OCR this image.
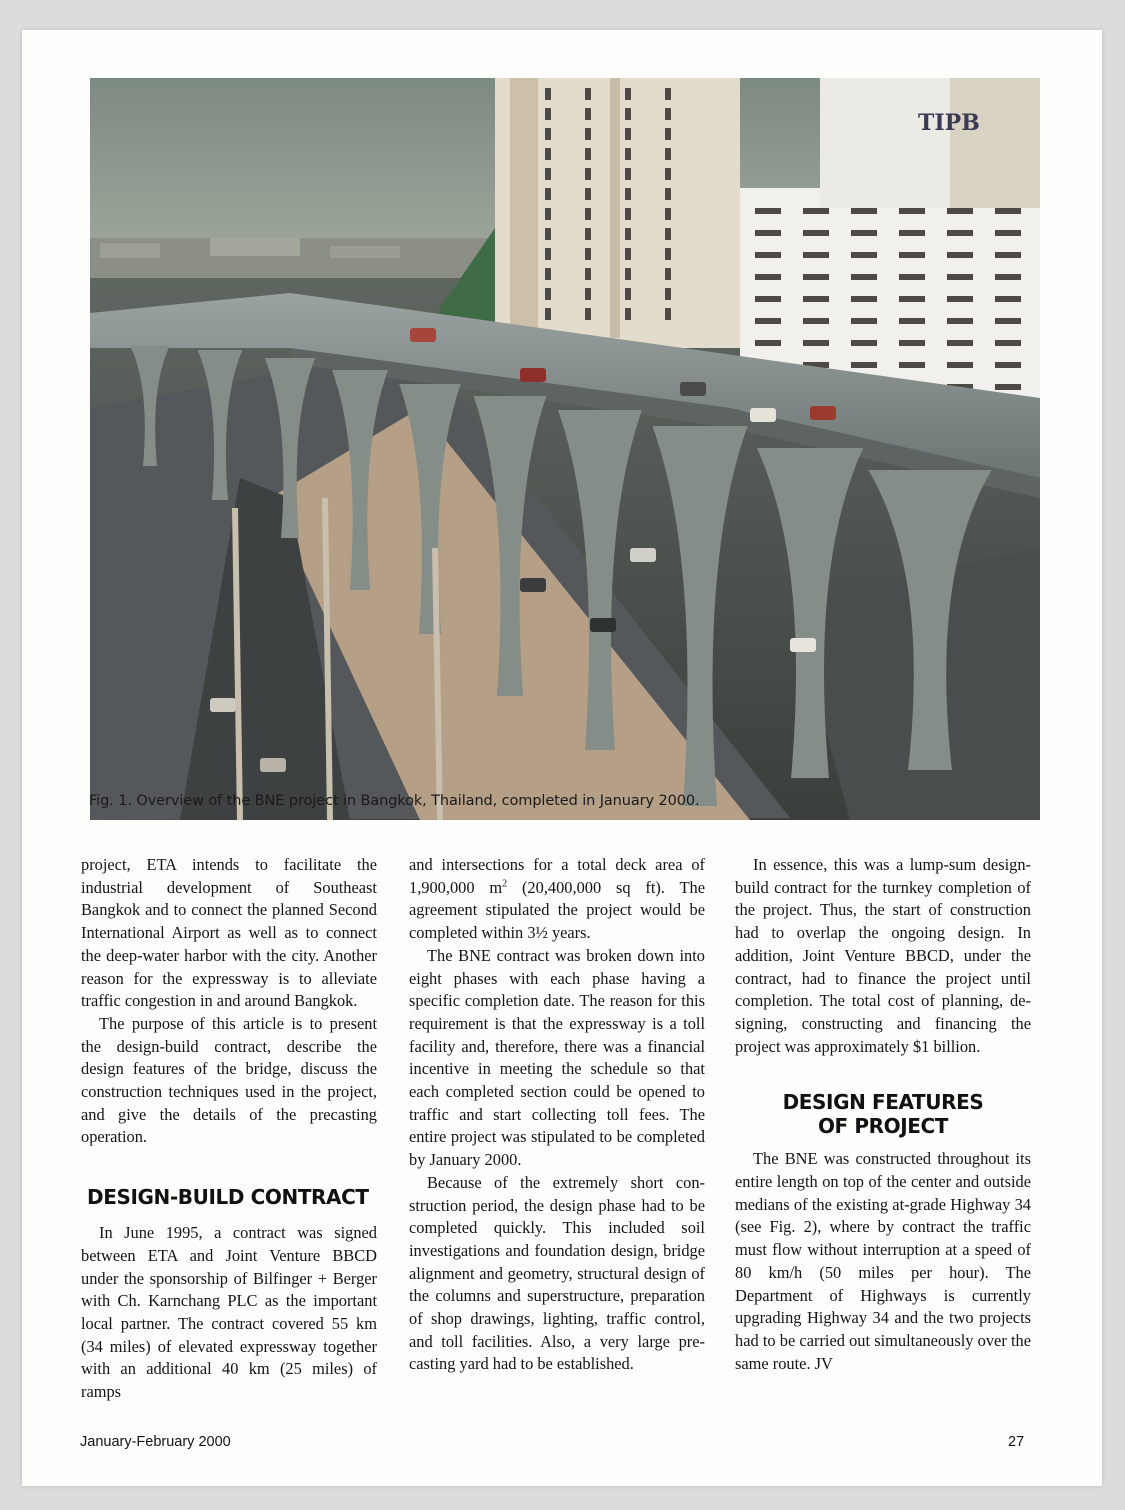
TIPB
Fig. 1. Overview of the BNE project in Bangkok, Thailand, completed in January 2000.

project, ETA intends to facilitate the industrial development of Southeast Bangkok and to connect the planned Second International Airport as well as to connect the deep-water harbor with the city. Another reason for the expressway is to alleviate traffic congestion in and around Bangkok.

The purpose of this article is to present the design-build contract, describe the design features of the bridge, discuss the construction techniques used in the project, and give the details of the precasting operation.

DESIGN-BUILD CONTRACT

In June 1995, a contract was signed between ETA and Joint Venture BBCD under the sponsorship of Bilfinger + Berger with Ch. Karnchang PLC as the important local partner. The contract covered 55 km (34 miles) of elevated expressway together with an additional 40 km (25 miles) of ramps

and intersections for a total deck area of 1,900,000 $m^2$ (20,400,000 sq ft). The agreement stipulated the project would be completed within 3½ years.

The BNE contract was broken down into eight phases with each phase having a specific completion date. The reason for this requirement is that the expressway is a toll facility and, therefore, there was a financial incentive in meeting the schedule so that each completed section could be opened to traffic and start collecting toll fees. The entire project was stipulated to be completed by January 2000.

Because of the extremely short construction period, the design phase had to be completed quickly. This included soil investigations and foundation design, bridge alignment and geometry, structural design of the columns and superstructure, preparation of shop drawings, lighting, traffic control, and toll facilities. Also, a very large precasting yard had to be established.

In essence, this was a lump-sum design-build contract for the turnkey completion of the project. Thus, the start of construction had to overlap the ongoing design. In addition, Joint Venture BBCD, under the contract, had to finance the project until completion. The total cost of planning, designing, constructing and financing the project was approximately $1 billion.

DESIGN FEATURES
OF PROJECT

The BNE was constructed throughout its entire length on top of the center and outside medians of the existing at-grade Highway 34 (see Fig. 2), where by contract the traffic must flow without interruption at a speed of 80 km/h (50 miles per hour). The Department of Highways is currently upgrading Highway 34 and the two projects had to be carried out simultaneously over the same route. JV

January-February 2000	27
